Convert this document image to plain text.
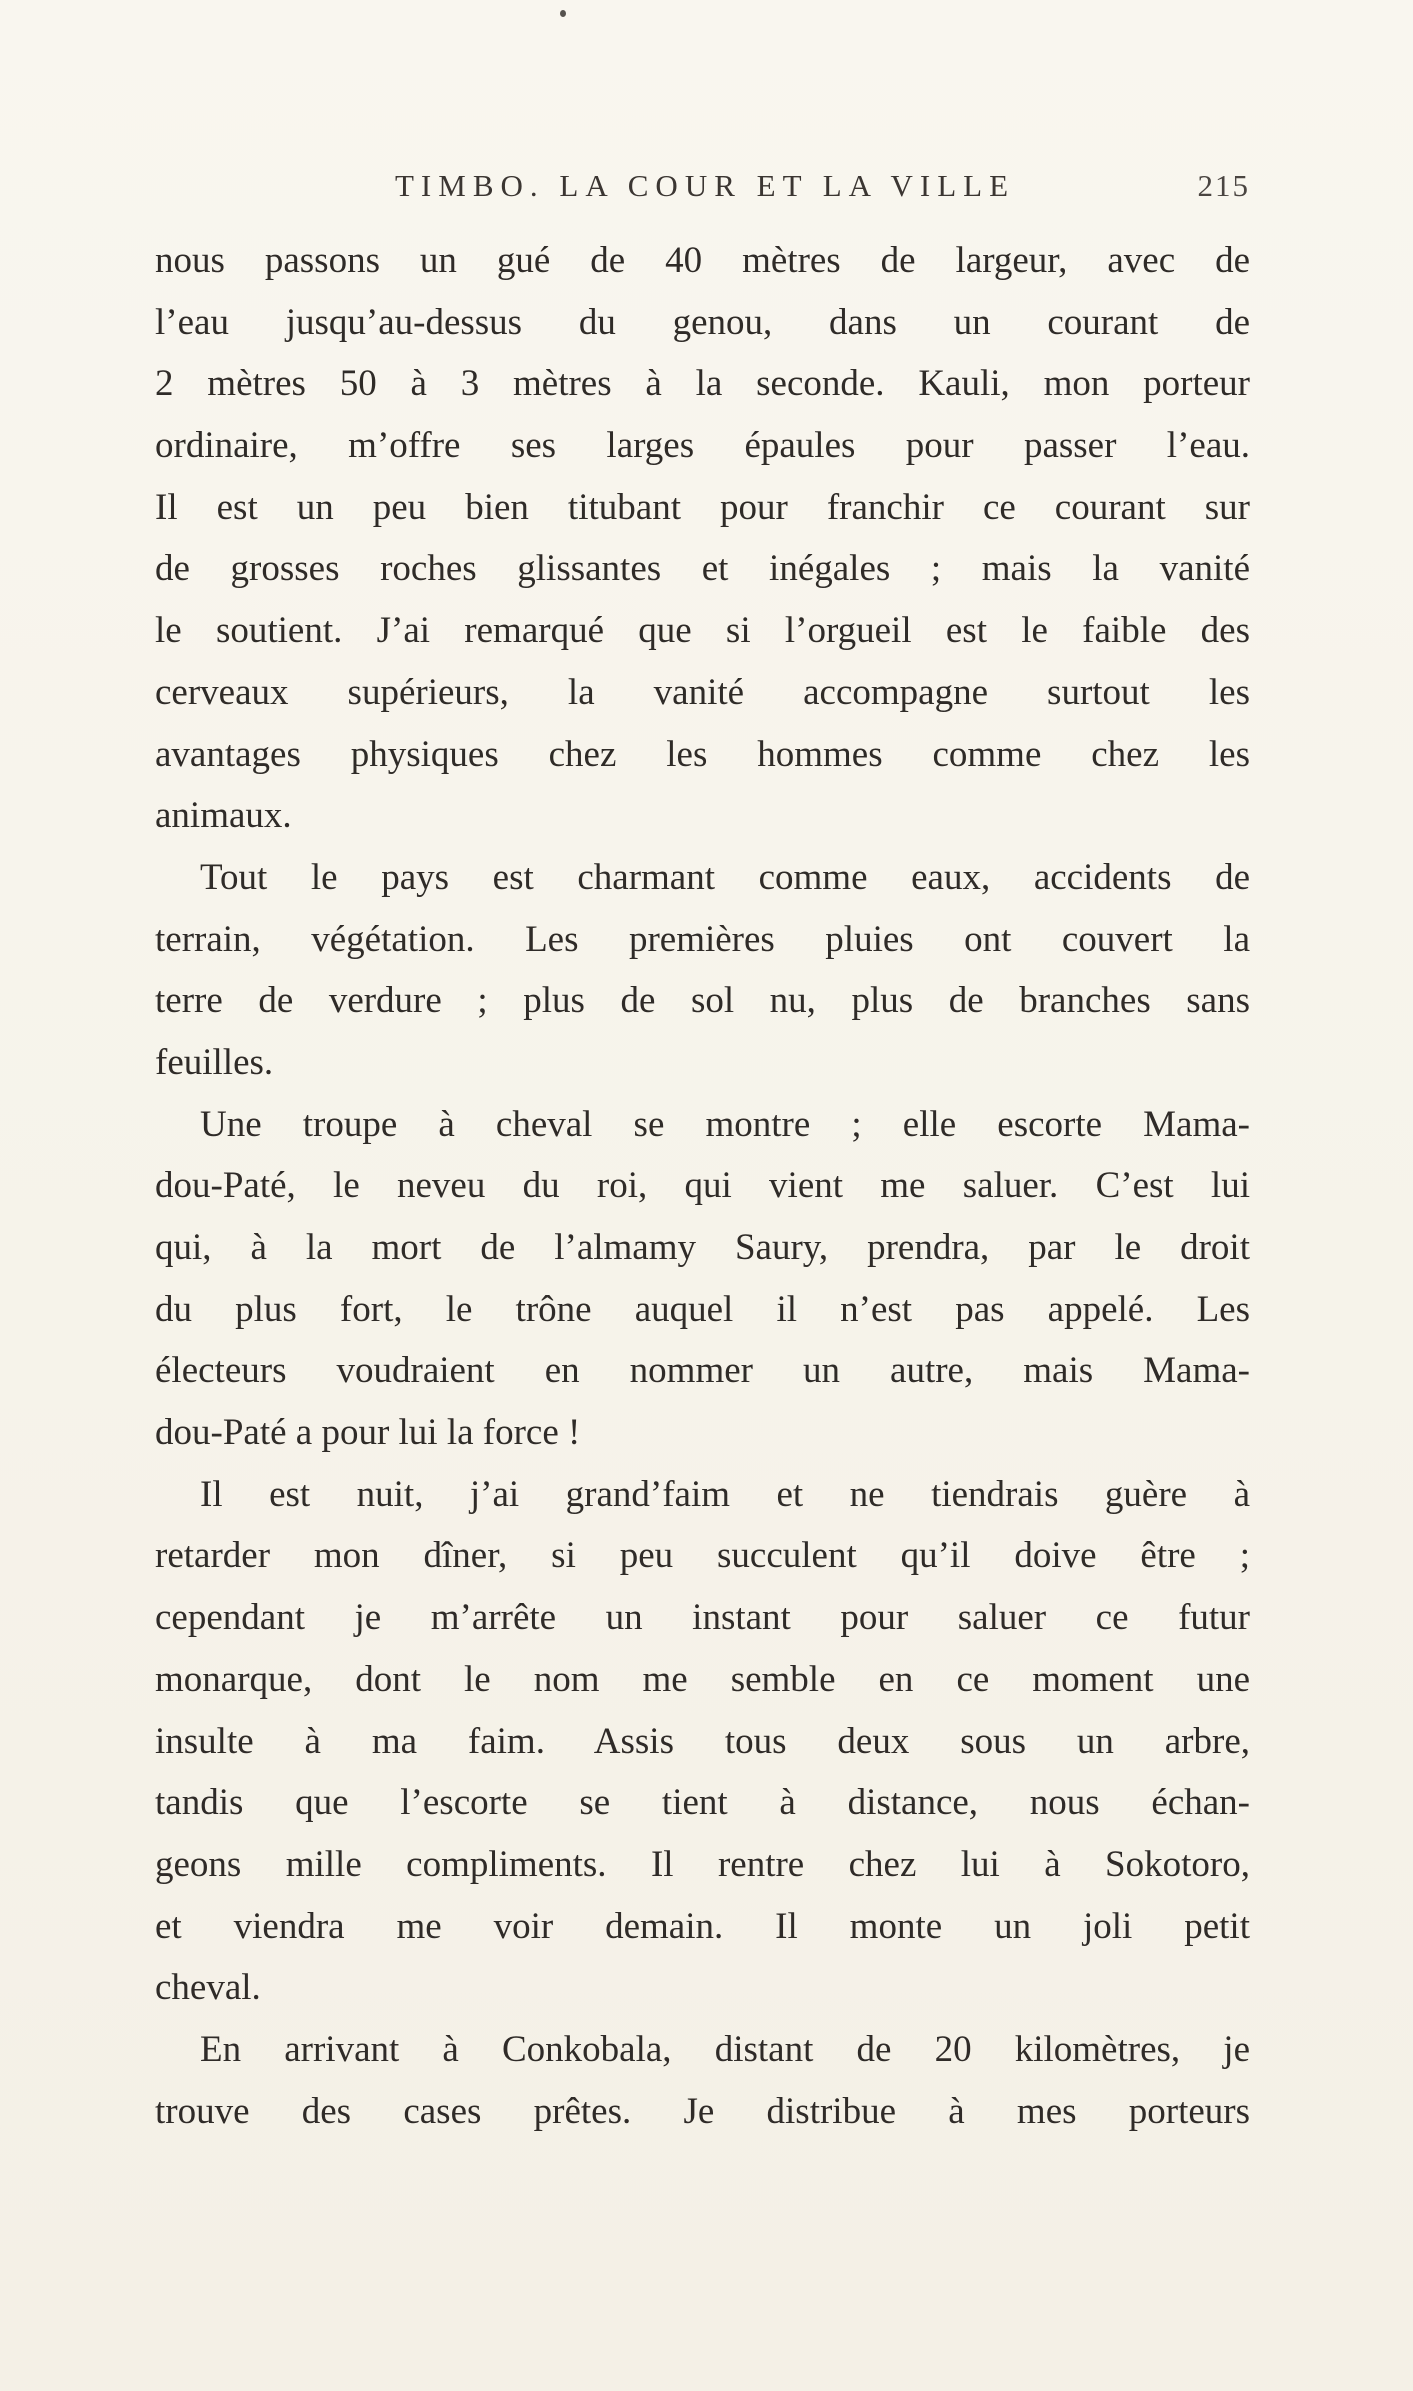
TIMBO. LA COUR ET LA VILLE	215
nous passons un gué de 40 mètres de largeur, avec de
l’eau jusqu’au-dessus du genou, dans un courant de
2 mètres 50 à 3 mètres à la seconde. Kauli, mon porteur
ordinaire, m’offre ses larges épaules pour passer l’eau.
Il est un peu bien titubant pour franchir ce courant sur
de grosses roches glissantes et inégales ; mais la vanité
le soutient. J’ai remarqué que si l’orgueil est le faible des
cerveaux supérieurs, la vanité accompagne surtout les
avantages physiques chez les hommes comme chez les
animaux.
Tout le pays est charmant comme eaux, accidents de
terrain, végétation. Les premières pluies ont couvert la
terre de verdure ; plus de sol nu, plus de branches sans
feuilles.
Une troupe à cheval se montre ; elle escorte Mama-
dou-Paté, le neveu du roi, qui vient me saluer. C’est lui
qui, à la mort de l’almamy Saury, prendra, par le droit
du plus fort, le trône auquel il n’est pas appelé. Les
électeurs voudraient en nommer un autre, mais Mama-
dou-Paté a pour lui la force !
Il est nuit, j’ai grand’faim et ne tiendrais guère à
retarder mon dîner, si peu succulent qu’il doive être ;
cependant je m’arrête un instant pour saluer ce futur
monarque, dont le nom me semble en ce moment une
insulte à ma faim. Assis tous deux sous un arbre,
tandis que l’escorte se tient à distance, nous échan-
geons mille compliments. Il rentre chez lui à Sokotoro,
et viendra me voir demain. Il monte un joli petit
cheval.
En arrivant à Conkobala, distant de 20 kilomètres, je
trouve des cases prêtes. Je distribue à mes porteurs
